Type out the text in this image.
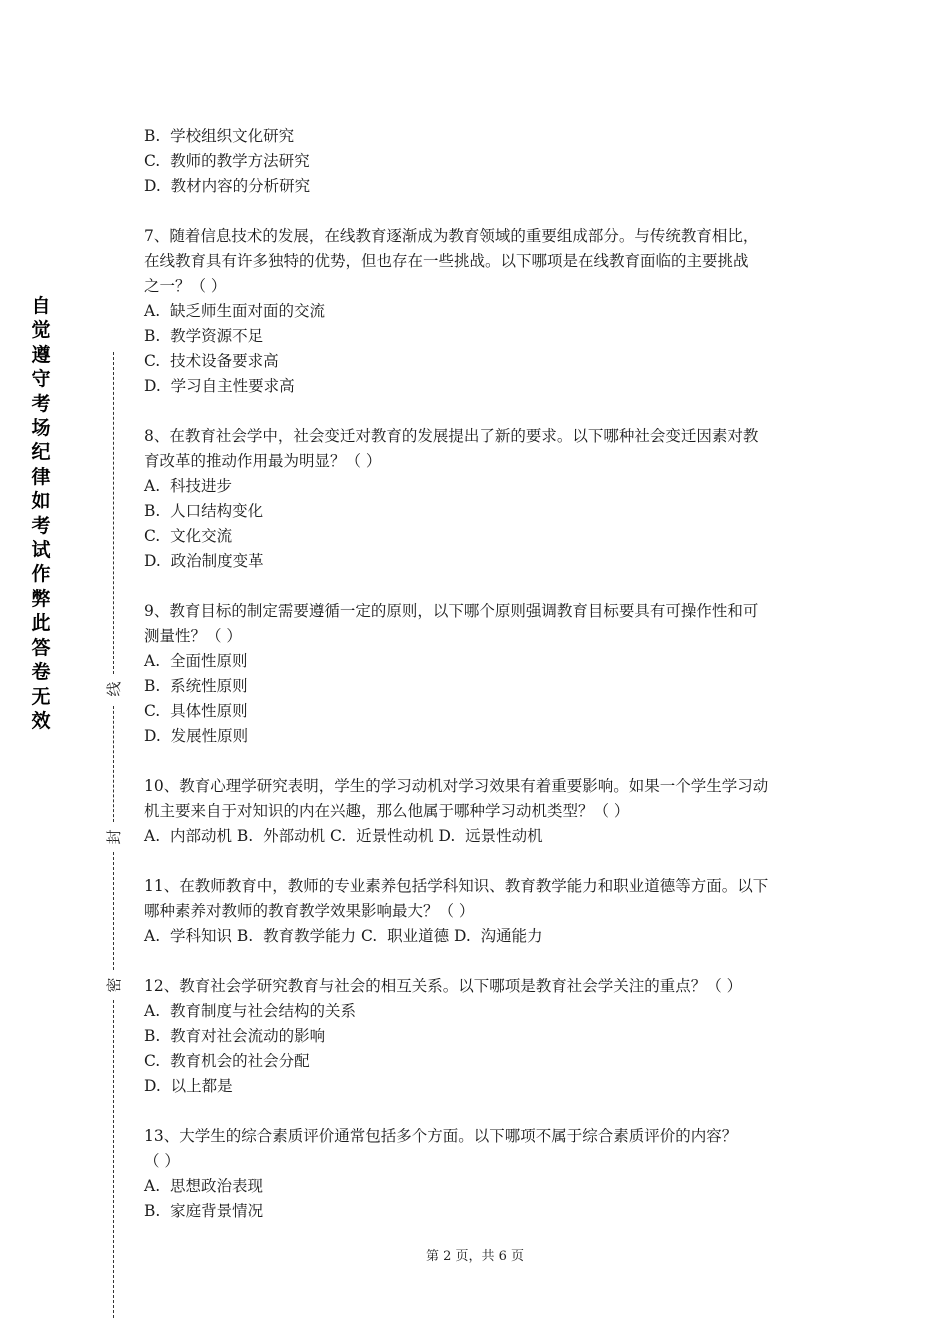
自觉遵守考场纪律如考试作弊此答卷无效
线
封
密

B.  学校组织文化研究

C.  教师的教学方法研究

D.  教材内容的分析研究

7、随着信息技术的发展，在线教育逐渐成为教育领域的重要组成部分。与传统教育相比，

在线教育具有许多独特的优势，但也存在一些挑战。以下哪项是在线教育面临的主要挑战

之一？（ ）

A.  缺乏师生面对面的交流

B.  教学资源不足

C.  技术设备要求高

D.  学习自主性要求高

8、在教育社会学中，社会变迁对教育的发展提出了新的要求。以下哪种社会变迁因素对教

育改革的推动作用最为明显？（ ）

A.  科技进步

B.  人口结构变化

C.  文化交流

D.  政治制度变革

9、教育目标的制定需要遵循一定的原则，以下哪个原则强调教育目标要具有可操作性和可

测量性？（ ）

A.  全面性原则

B.  系统性原则

C.  具体性原则

D.  发展性原则

10、教育心理学研究表明，学生的学习动机对学习效果有着重要影响。如果一个学生学习动

机主要来自于对知识的内在兴趣，那么他属于哪种学习动机类型？（ ）

A.  内部动机 B.  外部动机 C.  近景性动机 D.  远景性动机

11、在教师教育中，教师的专业素养包括学科知识、教育教学能力和职业道德等方面。以下

哪种素养对教师的教育教学效果影响最大？（ ）

A.  学科知识 B.  教育教学能力 C.  职业道德 D.  沟通能力

12、教育社会学研究教育与社会的相互关系。以下哪项是教育社会学关注的重点？（ ）

A.  教育制度与社会结构的关系

B.  教育对社会流动的影响

C.  教育机会的社会分配

D.  以上都是

13、大学生的综合素质评价通常包括多个方面。以下哪项不属于综合素质评价的内容？

（ ）

A.  思想政治表现

B.  家庭背景情况

第 2 页，共 6 页
